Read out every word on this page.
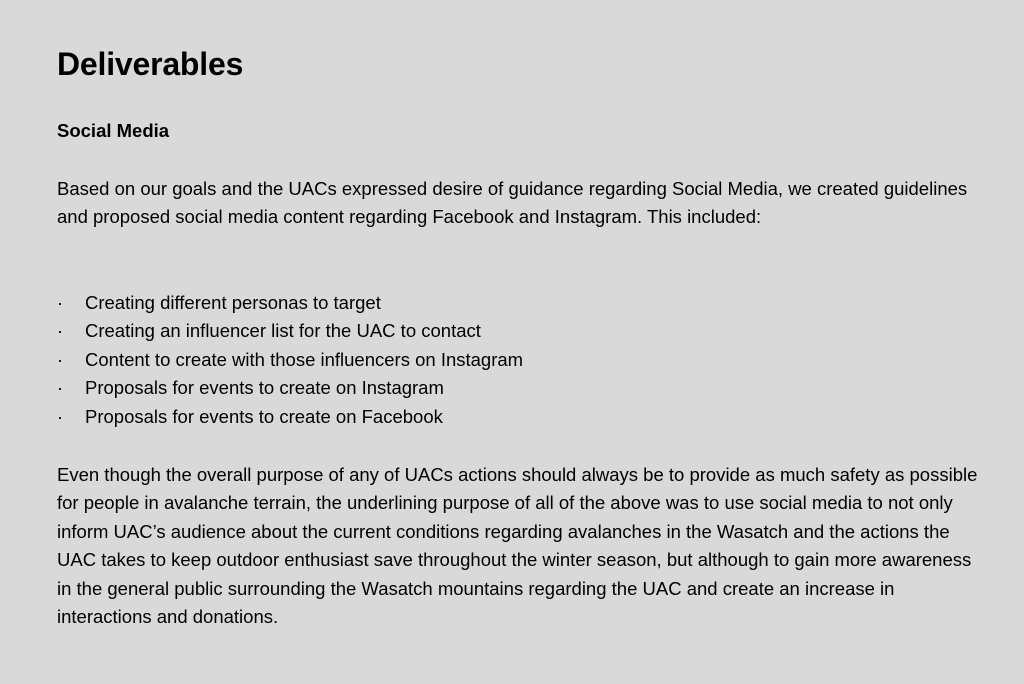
Deliverables
Social Media

Based on our goals and the UACs expressed desire of guidance regarding Social Media, we created guidelines and proposed social media content regarding Facebook and Instagram. This included:

·	Creating different personas to target
·	Creating an influencer list for the UAC to contact
·	Content to create with those influencers on Instagram
·	Proposals for events to create on Instagram
·	Proposals for events to create on Facebook

Even though the overall purpose of any of UACs actions should always be to provide as much safety as possible for people in avalanche terrain, the underlining purpose of all of the above was to use social media to not only inform UAC’s audience about the current conditions regarding avalanches in the Wasatch and the actions the UAC takes to keep outdoor enthusiast save throughout the winter season, but although to gain more awareness in the general public surrounding the Wasatch mountains regarding the UAC and create an increase in interactions and donations.
